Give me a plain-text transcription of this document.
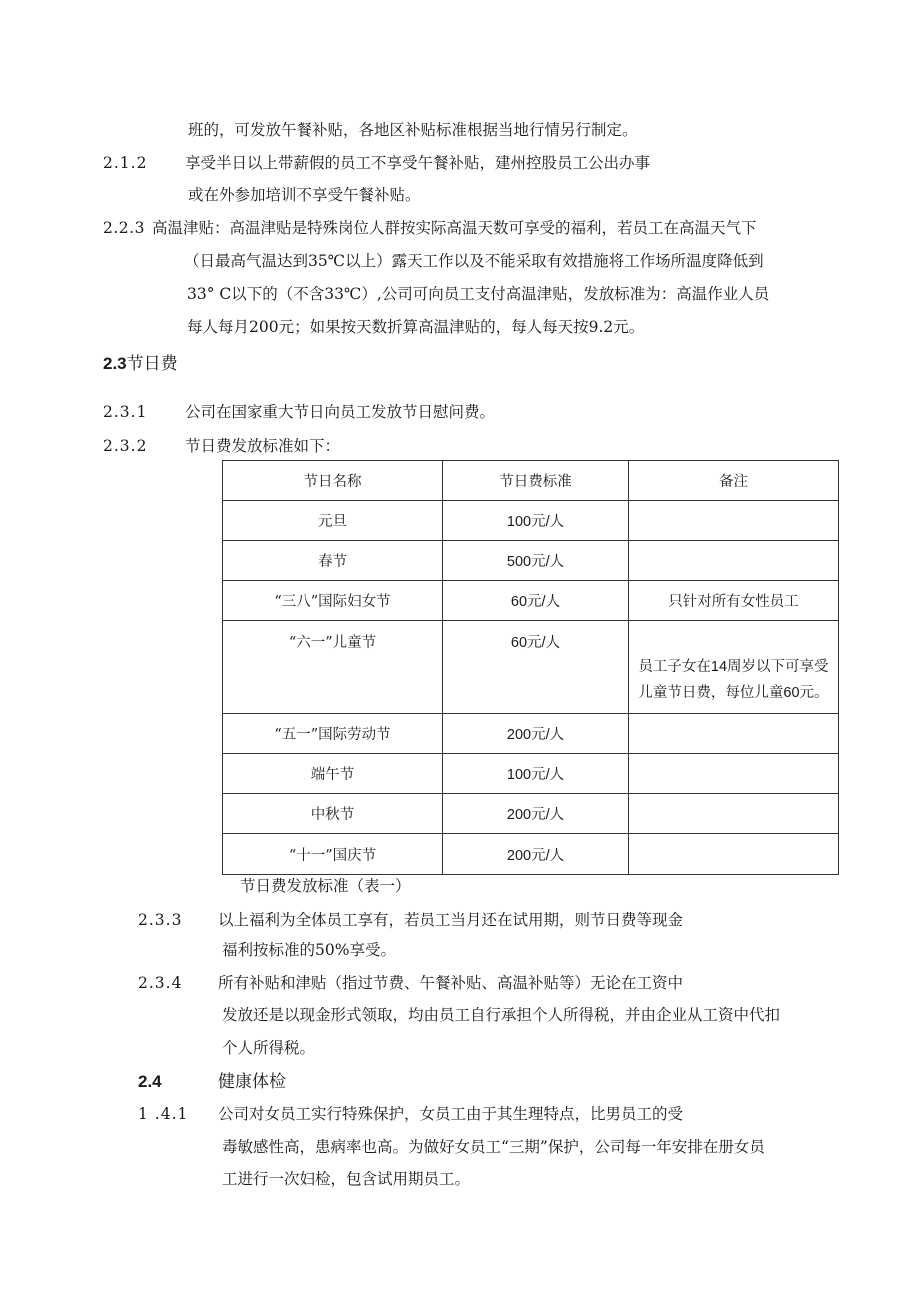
班的，可发放午餐补贴，各地区补贴标准根据当地行情另行制定。
2.1.2 享受半日以上带薪假的员工不享受午餐补贴，建州控股员工公出办事
或在外参加培训不享受午餐补贴。
2.2.3 高温津贴：高温津贴是特殊岗位人群按实际高温天数可享受的福利，若员工在高温天气下
（日最高气温达到35℃以上）露天工作以及不能采取有效措施将工作场所温度降低到
33° C以下的（不含33℃）,公司可向员工支付高温津贴，发放标准为：高温作业人员
每人每月200元；如果按天数折算高温津贴的，每人每天按9.2元。
2.3节日费
2.3.1 公司在国家重大节日向员工发放节日慰问费。
2.3.2 节日费发放标准如下：
节日名称	节日费标准	备注
元旦	100元/人	
春节	500元/人	
“三八”国际妇女节	60元/人	只针对所有女性员工
“六一”儿童节	60元/人	员工子女在14周岁以下可享受
儿童节日费，每位儿童60元。

“五一”国际劳动节	200元/人	
端午节	100元/人	
中秋节	200元/人	
“十一”国庆节	200元/人	
节日费发放标准（表一）
2.3.3 以上福利为全体员工享有，若员工当月还在试用期，则节日费等现金
福利按标准的50%享受。
2.3.4 所有补贴和津贴（指过节费、午餐补贴、高温补贴等）无论在工资中
发放还是以现金形式领取，均由员工自行承担个人所得税，并由企业从工资中代扣
个人所得税。
2.4	健康体检
1 .4.1 公司对女员工实行特殊保护，女员工由于其生理特点，比男员工的受
毒敏感性高，患病率也高。为做好女员工“三期”保护，公司每一年安排在册女员
工进行一次妇检，包含试用期员工。
